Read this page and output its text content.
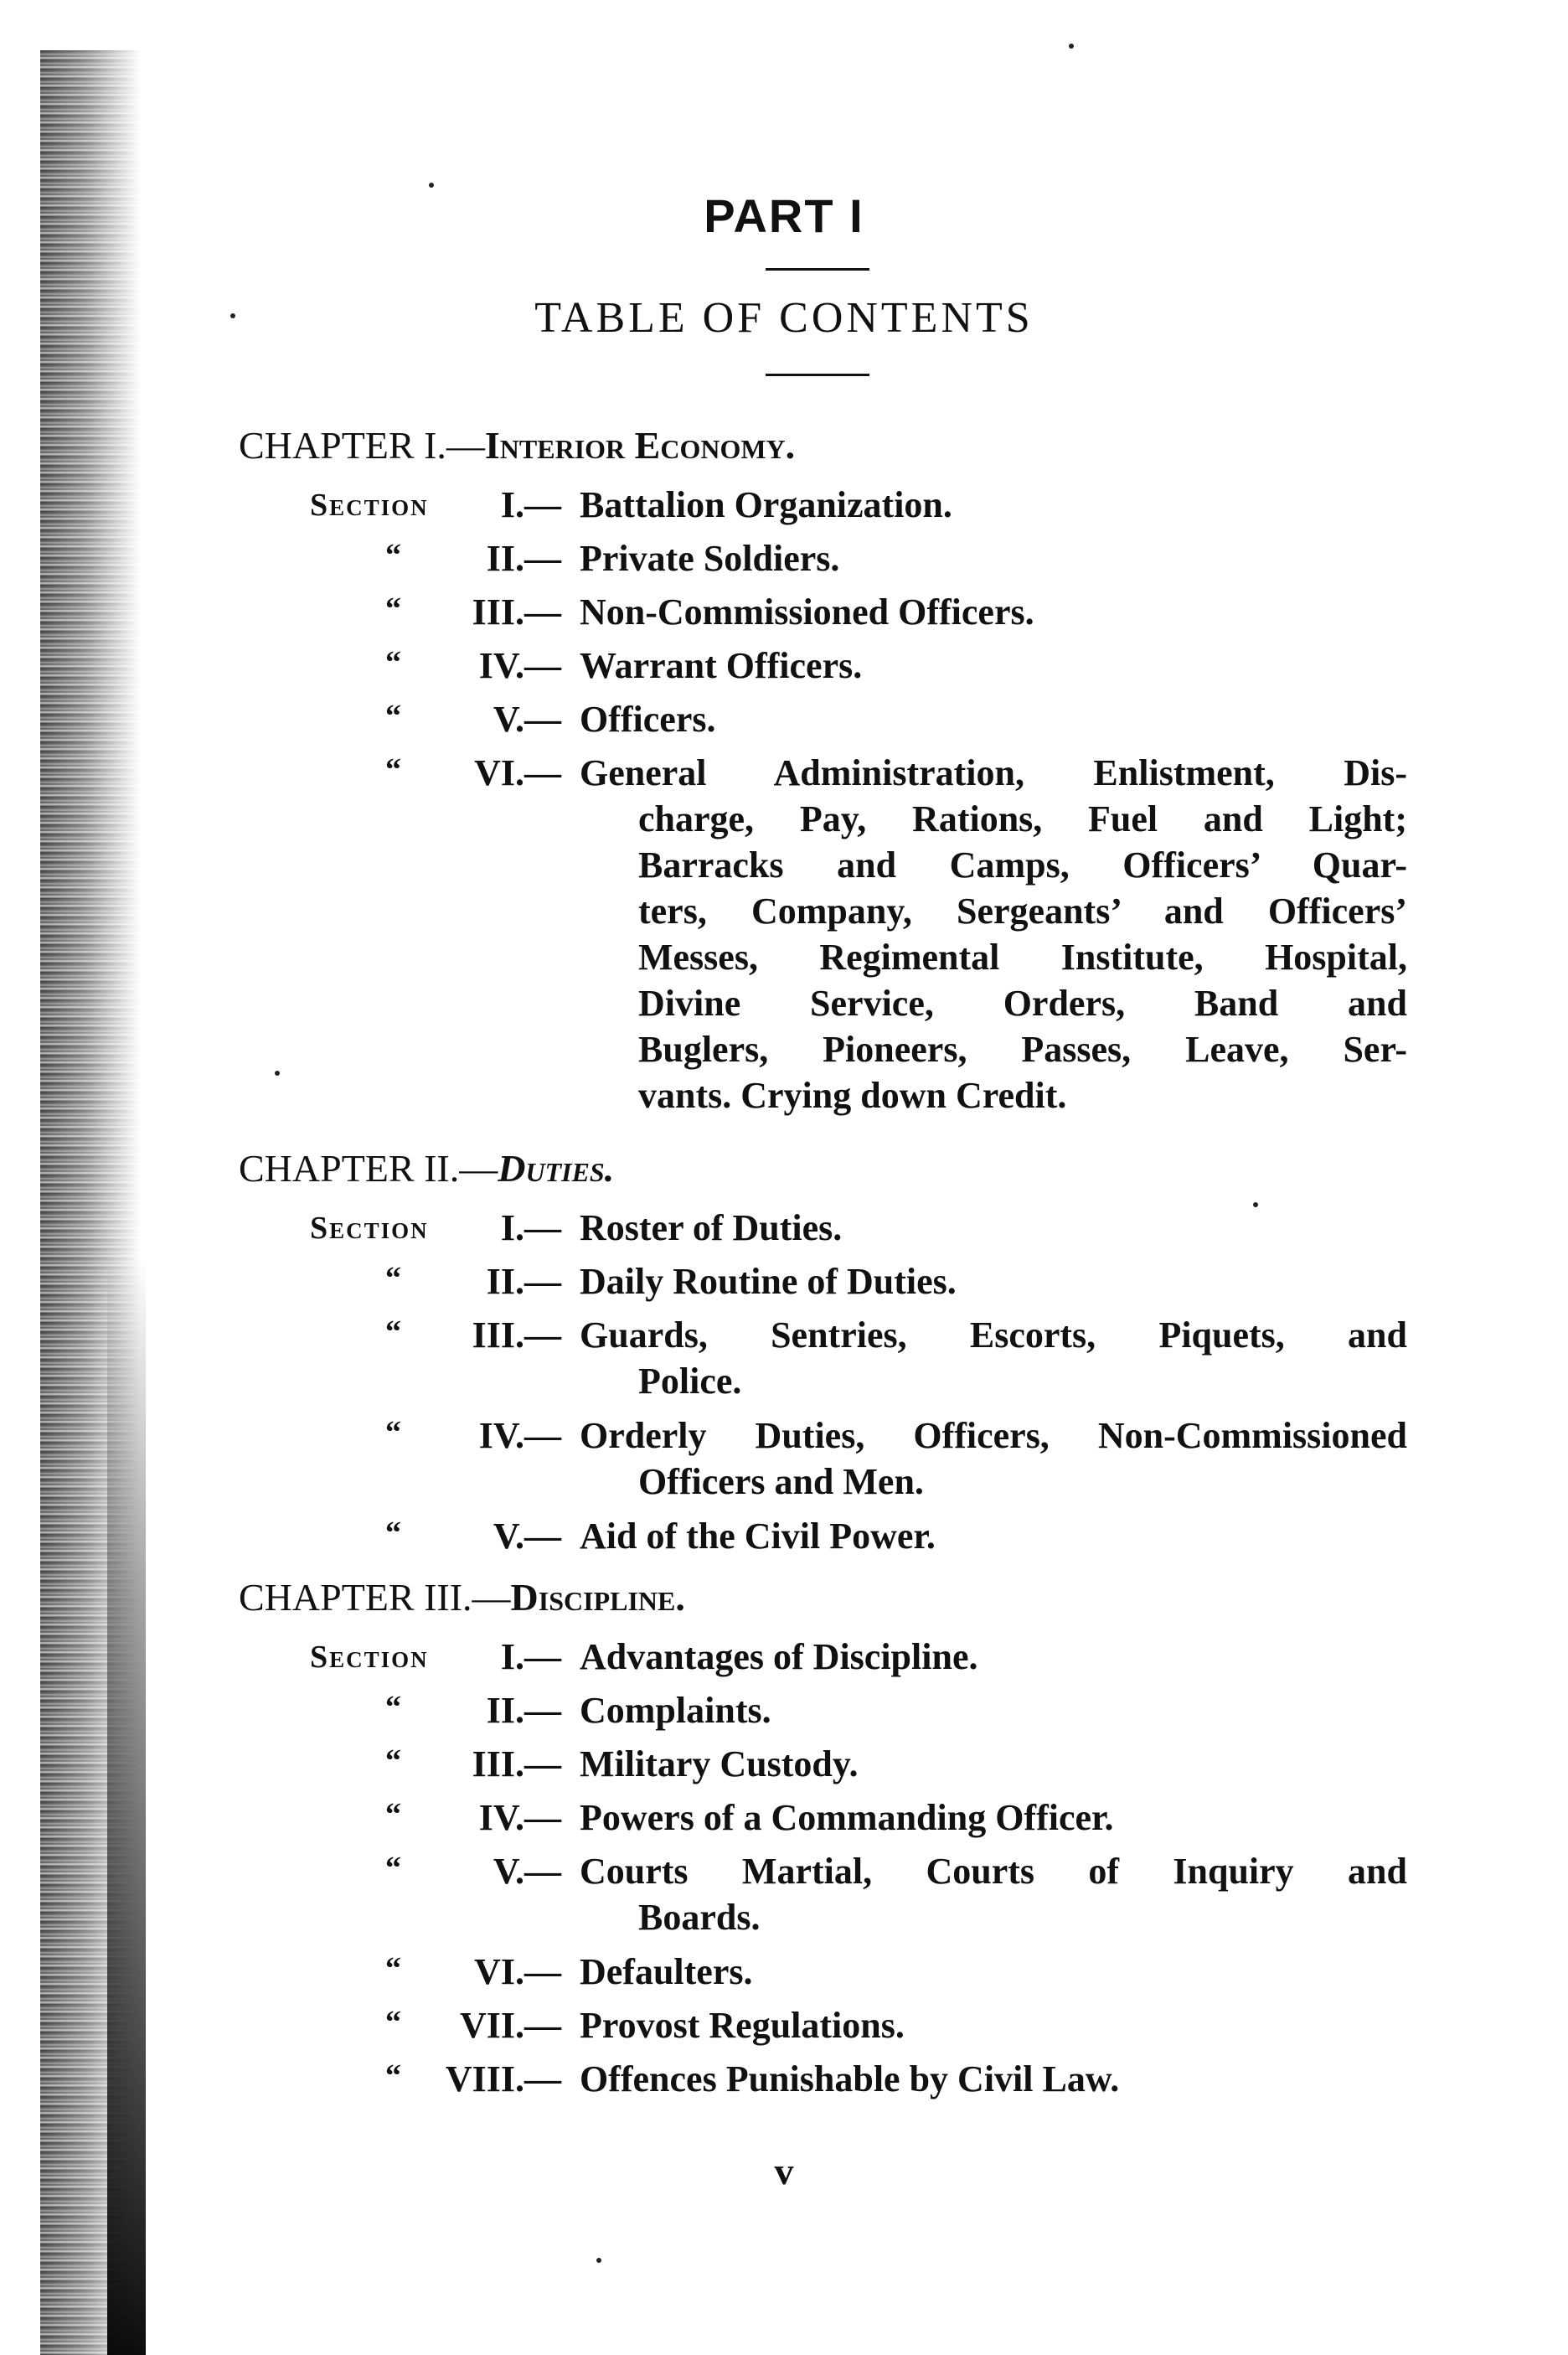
PART I
TABLE OF CONTENTS
CHAPTER I.—Interior Economy.
Section	I.— Battalion Organization.
“	II.— Private Soldiers.
“	III.— Non-Commissioned Officers.
“	IV.— Warrant Officers.
“	V.— Officers.
“	VI.— General Administration, Enlistment, Dis-
charge, Pay, Rations, Fuel and Light;
Barracks and Camps, Officers’ Quar-
ters, Company, Sergeants’ and Officers’
Messes, Regimental Institute, Hospital,
Divine Service, Orders, Band and
Buglers, Pioneers, Passes, Leave, Ser-
vants. Crying down Credit.
CHAPTER II.—Duties.
Section	I.— Roster of Duties.
“	II.— Daily Routine of Duties.
“	III.— Guards, Sentries, Escorts, Piquets, and
Police.
“	IV.— Orderly Duties, Officers, Non-Commissioned
Officers and Men.
“	V.— Aid of the Civil Power.
CHAPTER III.—Discipline.
Section	I.— Advantages of Discipline.
“	II.— Complaints.
“	III.— Military Custody.
“	IV.— Powers of a Commanding Officer.
“	V.— Courts Martial, Courts of Inquiry and
Boards.
“	VI.— Defaulters.
“	VII.— Provost Regulations.
“	VIII.— Offences Punishable by Civil Law.
v
